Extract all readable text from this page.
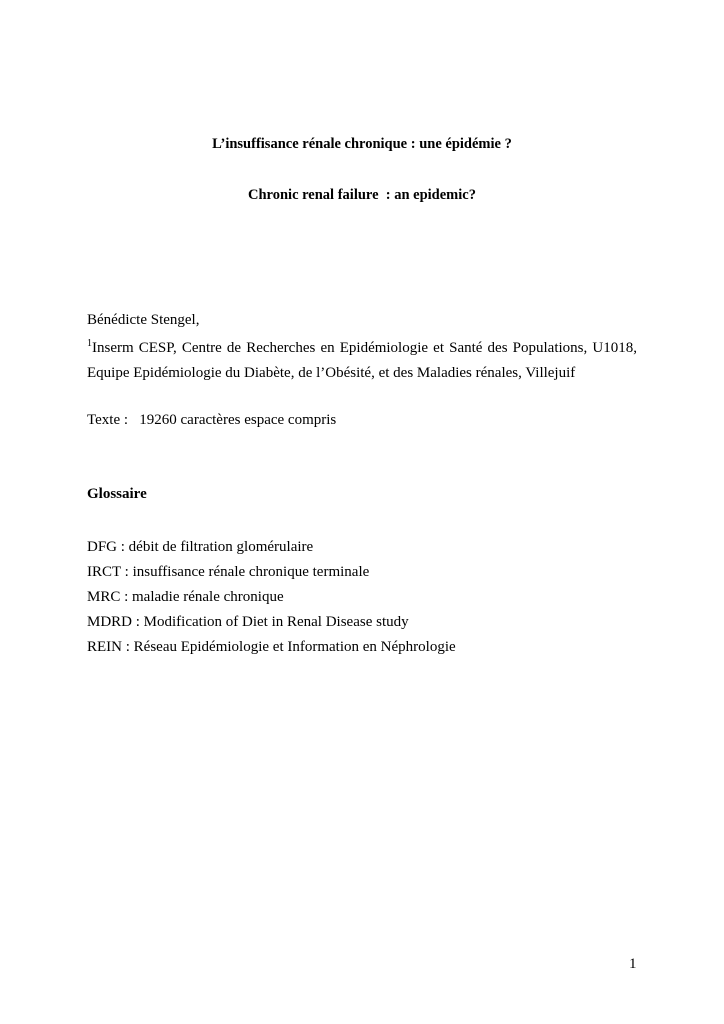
L’insuffisance rénale chronique : une épidémie ?
Chronic renal failure  : an epidemic?
Bénédicte Stengel,
$^1$Inserm CESP, Centre de Recherches en Epidémiologie et Santé des Populations, U1018,
Equipe Epidémiologie du Diabète, de l’Obésité, et des Maladies rénales, Villejuif
Texte :   19260 caractères espace compris
Glossaire
DFG : débit de filtration glomérulaire
IRCT : insuffisance rénale chronique terminale
MRC : maladie rénale chronique
MDRD : Modification of Diet in Renal Disease study
REIN : Réseau Epidémiologie et Information en Néphrologie
1
